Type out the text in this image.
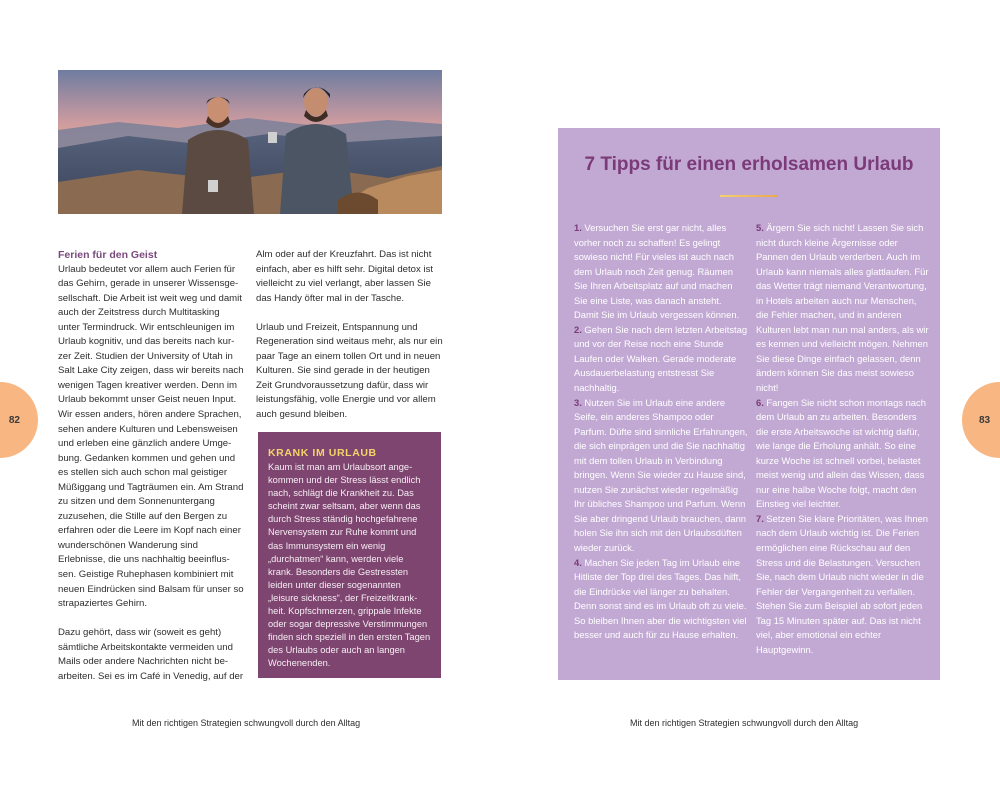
Ferien für den Geist

Urlaub bedeutet vor allem auch Ferien für das Gehirn, gerade in unserer Wissensgesellschaft. Die Arbeit ist weit weg und damit auch der Zeitstress durch Multitasking unter Termindruck. Wir entschleunigen im Urlaub kognitiv, und das bereits nach kurzer Zeit. Studien der University of Utah in Salt Lake City zeigen, dass wir bereits nach wenigen Tagen kreativer werden. Denn im Urlaub bekommt unser Geist neuen Input. Wir essen anders, hören andere Sprachen, sehen andere Kulturen und Lebensweisen und erleben eine gänzlich andere Umgebung. Gedanken kommen und gehen und es stellen sich auch schon mal geistiger Müßiggang und Tagträumen ein. Am Strand zu sitzen und dem Sonnenuntergang zuzusehen, die Stille auf den Bergen zu erfahren oder die Leere im Kopf nach einer wunderschönen Wanderung sind Erlebnisse, die uns nachhaltig beeinflussen. Geistige Ruhephasen kombiniert mit neuen Eindrücken sind Balsam für unser so strapaziertes Gehirn.

Dazu gehört, dass wir (soweit es geht) sämtliche Arbeitskontakte vermeiden und Mails oder andere Nachrichten nicht bearbeiten. Sei es im Café in Venedig, auf der

Alm oder auf der Kreuzfahrt. Das ist nicht einfach, aber es hilft sehr. Digital detox ist vielleicht zu viel verlangt, aber lassen Sie das Handy öfter mal in der Tasche.

Urlaub und Freizeit, Entspannung und Regeneration sind weitaus mehr, als nur ein paar Tage an einem tollen Ort und in neuen Kulturen. Sie sind gerade in der heutigen Zeit Grundvoraussetzung dafür, dass wir leistungsfähig, volle Energie und vor allem auch gesund bleiben.

KRANK IM URLAUB
Kaum ist man am Urlaubsort angekommen und der Stress lässt endlich nach, schlägt die Krankheit zu. Das scheint zwar seltsam, aber wenn das durch Stress ständig hochgefahrene Nervensystem zur Ruhe kommt und das Immunsystem ein wenig „durchatmen“ kann, werden viele krank. Besonders die Gestressten leiden unter dieser sogenannten „leisure sickness“, der Freizeitkrankheit. Kopfschmerzen, grippale Infekte oder sogar depressive Verstimmungen finden sich speziell in den ersten Tagen des Urlaubs oder auch an langen Wochenenden.
82
Mit den richtigen Strategien schwungvoll durch den Alltag
7 Tipps für einen erholsamen Urlaub

1. Versuchen Sie erst gar nicht, alles vorher noch zu schaffen! Es gelingt sowieso nicht! Für vieles ist auch nach dem Urlaub noch Zeit genug. Räumen Sie Ihren Arbeitsplatz auf und machen Sie eine Liste, was danach ansteht. Damit Sie im Urlaub vergessen können.

2. Gehen Sie nach dem letzten Arbeitstag und vor der Reise noch eine Stunde Laufen oder Walken. Gerade moderate Ausdauerbelastung entstresst Sie nachhaltig.

3. Nutzen Sie im Urlaub eine andere Seife, ein anderes Shampoo oder Parfum. Düfte sind sinnliche Erfahrungen, die sich einprägen und die Sie nachhaltig mit dem tollen Urlaub in Verbindung bringen. Wenn Sie wieder zu Hause sind, nutzen Sie zunächst wieder regelmäßig Ihr übliches Shampoo und Parfum. Wenn Sie aber dringend Urlaub brauchen, dann holen Sie ihn sich mit den Urlaubsdüften wieder zurück.

4. Machen Sie jeden Tag im Urlaub eine Hitliste der Top drei des Tages. Das hilft, die Eindrücke viel länger zu behalten. Denn sonst sind es im Urlaub oft zu viele. So bleiben Ihnen aber die wichtigsten viel besser und auch für zu Hause erhalten.

5. Ärgern Sie sich nicht! Lassen Sie sich nicht durch kleine Ärgernisse oder Pannen den Urlaub verderben. Auch im Urlaub kann niemals alles glattlaufen. Für das Wetter trägt niemand Verantwortung, in Hotels arbeiten auch nur Menschen, die Fehler machen, und in anderen Kulturen lebt man nun mal anders, als wir es kennen und vielleicht mögen. Nehmen Sie diese Dinge einfach gelassen, denn ändern können Sie das meist sowieso nicht!

6. Fangen Sie nicht schon montags nach dem Urlaub an zu arbeiten. Besonders die erste Arbeitswoche ist wichtig dafür, wie lange die Erholung anhält. So eine kurze Woche ist schnell vorbei, belastet meist wenig und allein das Wissen, dass nur eine halbe Woche folgt, macht den Einstieg viel leichter.

7. Setzen Sie klare Prioritäten, was Ihnen nach dem Urlaub wichtig ist. Die Ferien ermöglichen eine Rückschau auf den Stress und die Belastungen. Versuchen Sie, nach dem Urlaub nicht wieder in die Fehler der Vergangenheit zu verfallen. Stehen Sie zum Beispiel ab sofort jeden Tag 15 Minuten später auf. Das ist nicht viel, aber emotional ein echter Hauptgewinn.

83
Mit den richtigen Strategien schwungvoll durch den Alltag
